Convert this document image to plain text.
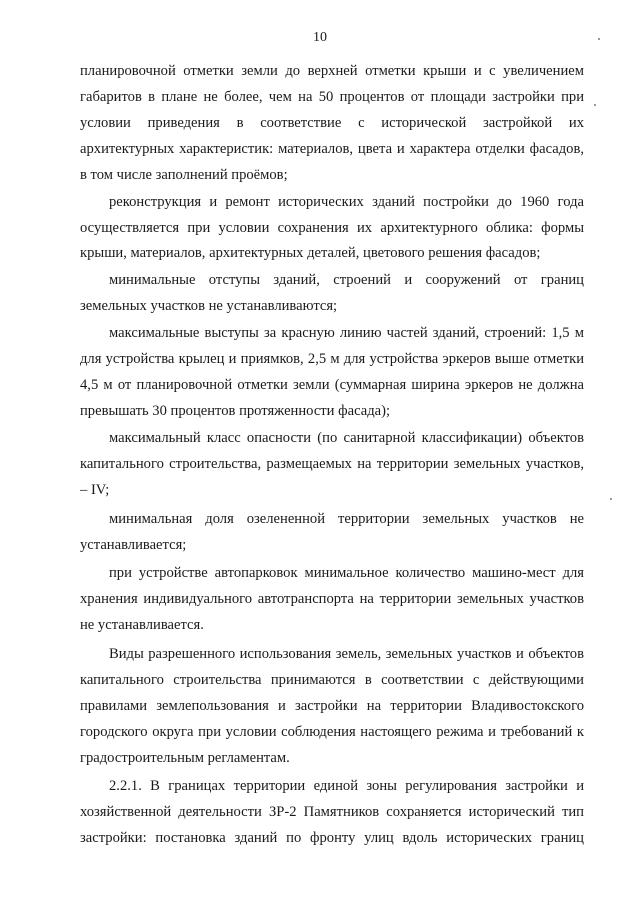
10
планировочной отметки земли до верхней отметки крыши и с увеличением
габаритов в плане не более, чем на 50 процентов от площади застройки при
условии приведения в соответствие с исторической застройкой их
архитектурных характеристик: материалов, цвета и характера отделки фасадов,
в том числе заполнений проёмов;
реконструкция и ремонт исторических зданий постройки до 1960 года
осуществляется при условии сохранения их архитектурного облика: формы
крыши, материалов, архитектурных деталей, цветового решения фасадов;
минимальные отступы зданий, строений и сооружений от границ
земельных участков не устанавливаются;
максимальные выступы за красную линию частей зданий, строений: 1,5 м
для устройства крылец и приямков, 2,5 м для устройства эркеров выше отметки
4,5 м от планировочной отметки земли (суммарная ширина эркеров не должна
превышать 30 процентов протяженности фасада);
максимальный класс опасности (по санитарной классификации) объектов
капитального строительства, размещаемых на территории земельных участков,
– IV;
минимальная доля озелененной территории земельных участков не
устанавливается;
при устройстве автопарковок минимальное количество машино-мест для
хранения индивидуального автотранспорта на территории земельных участков
не устанавливается.
Виды разрешенного использования земель, земельных участков и объектов
капитального строительства принимаются в соответствии с действующими
правилами землепользования и застройки на территории Владивостокского
городского округа при условии соблюдения настоящего режима и требований к
градостроительным регламентам.
2.2.1. В границах территории единой зоны регулирования застройки и
хозяйственной деятельности ЗР-2 Памятников сохраняется исторический тип
застройки: постановка зданий по фронту улиц вдоль исторических границ
